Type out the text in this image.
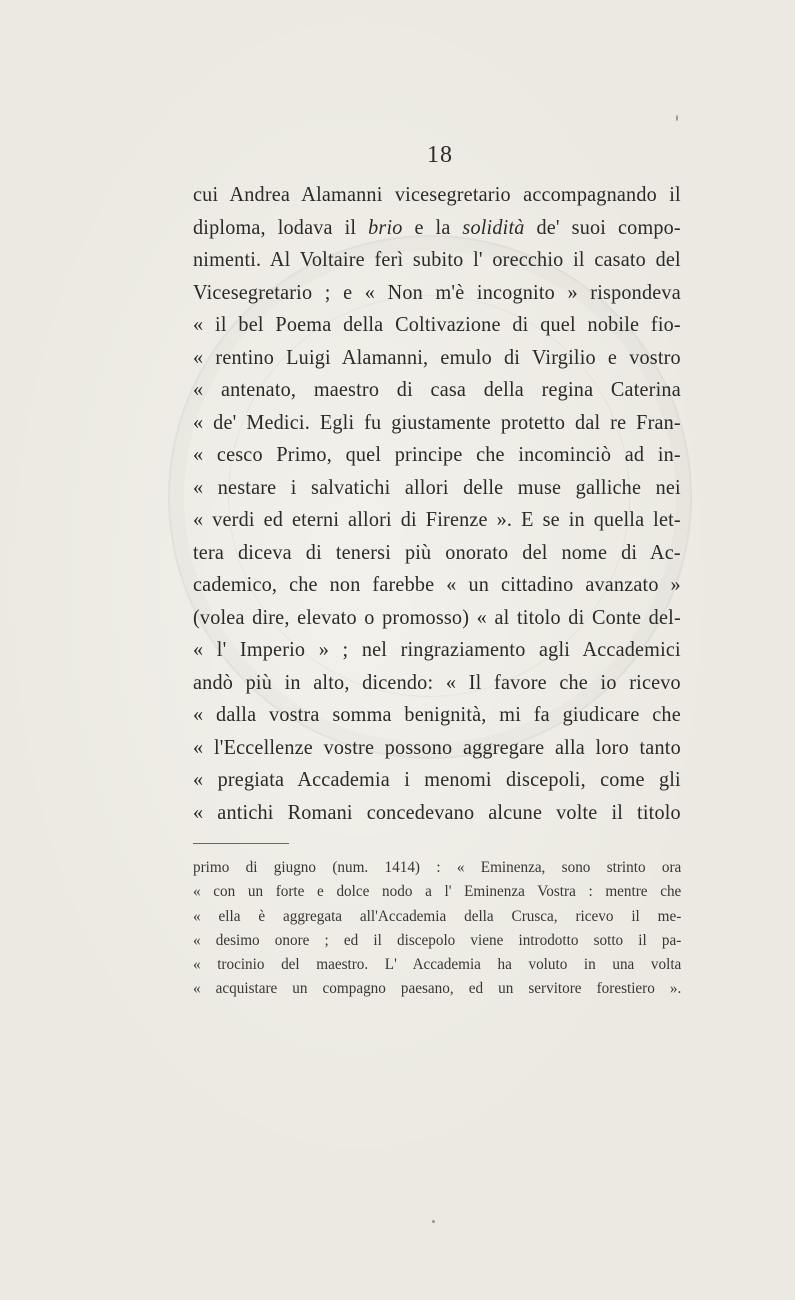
18
cui Andrea Alamanni vicesegretario accompagnando il
diploma, lodava il brio e la solidità de' suoi compo-
nimenti. Al Voltaire ferì subito l' orecchio il casato del
Vicesegretario ; e « Non m'è incognito » rispondeva
« il bel Poema della Coltivazione di quel nobile fio-
« rentino Luigi Alamanni, emulo di Virgilio e vostro
« antenato, maestro di casa della regina Caterina
« de' Medici. Egli fu giustamente protetto dal re Fran-
« cesco Primo, quel principe che incominciò ad in-
« nestare i salvatichi allori delle muse galliche nei
« verdi ed eterni allori di Firenze ». E se in quella let-
tera diceva di tenersi più onorato del nome di Ac-
cademico, che non farebbe « un cittadino avanzato »
(volea dire, elevato o promosso) « al titolo di Conte del-
« l' Imperio » ; nel ringraziamento agli Accademici
andò più in alto, dicendo: « Il favore che io ricevo
« dalla vostra somma benignità, mi fa giudicare che
« l'Eccellenze vostre possono aggregare alla loro tanto
« pregiata Accademia i menomi discepoli, come gli
« antichi Romani concedevano alcune volte il titolo
primo di giugno (num. 1414) : « Eminenza, sono strinto ora
« con un forte e dolce nodo a l' Eminenza Vostra : mentre che
« ella è aggregata all'Accademia della Crusca, ricevo il me-
« desimo onore ; ed il discepolo viene introdotto sotto il pa-
« trocinio del maestro. L' Accademia ha voluto in una volta
« acquistare un compagno paesano, ed un servitore forestiero ».
